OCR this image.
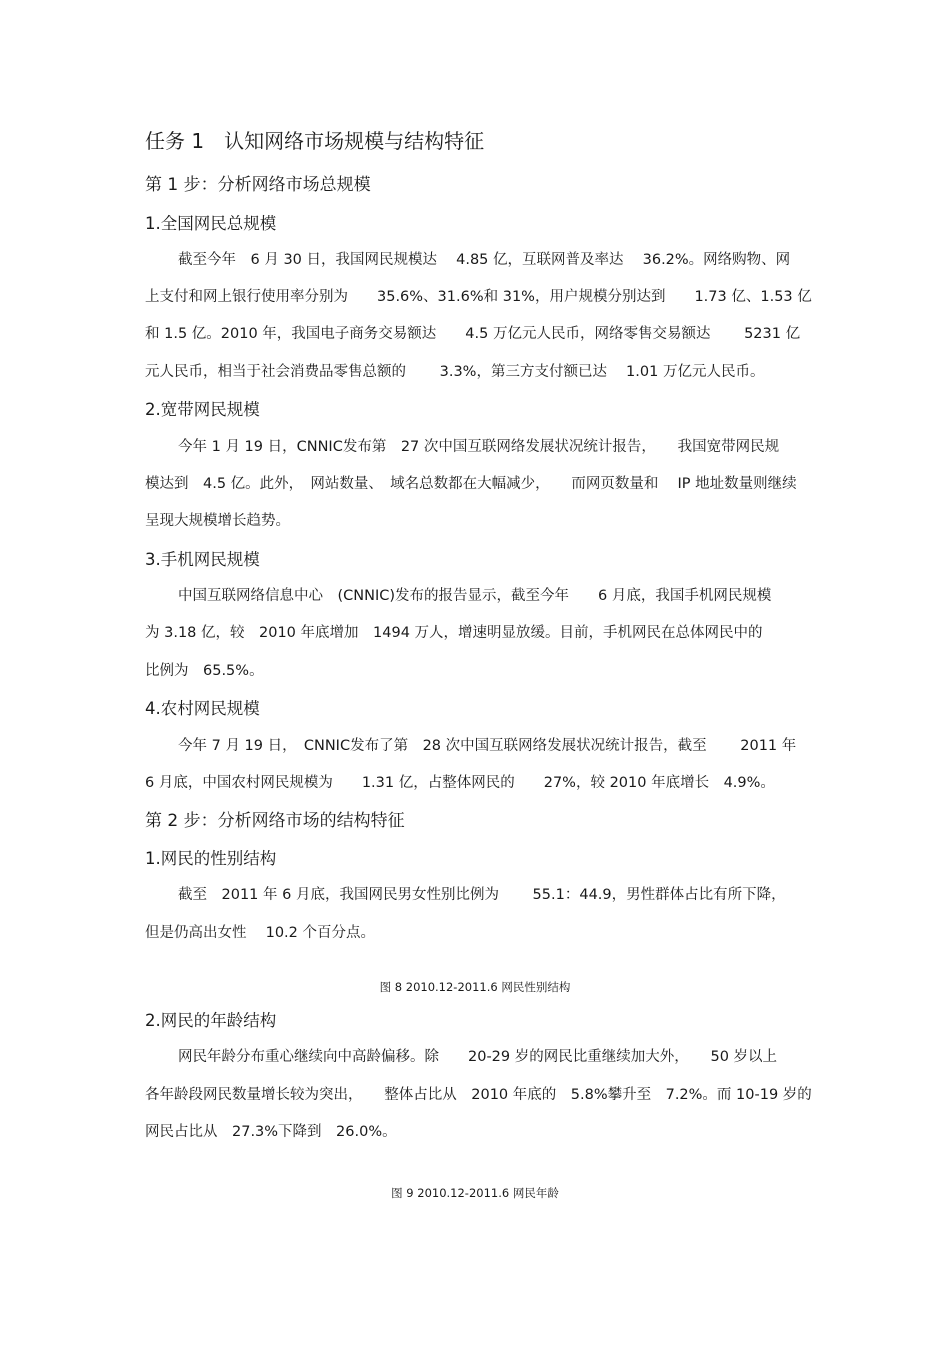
任务 1　认知网络市场规模与结构特征
第 1 步：分析网络市场总规模
1.全国网民总规模
截至今年　6 月 30 日，我国网民规模达　 4.85 亿，互联网普及率达　 36.2%。网络购物、网
上支付和网上银行使用率分别为　　35.6%、31.6%和 31%，用户规模分别达到　　1.73 亿、1.53 亿
和 1.5 亿。2010 年，我国电子商务交易额达　　4.5 万亿元人民币，网络零售交易额达　　 5231 亿
元人民币，相当于社会消费品零售总额的　　 3.3%，第三方支付额已达　 1.01 万亿元人民币。
2.宽带网民规模
今年 1 月 19 日，CNNIC发布第　27 次中国互联网络发展状况统计报告，　　我国宽带网民规
模达到　4.5 亿。此外，　网站数量、　域名总数都在大幅减少，　　而网页数量和　 IP 地址数量则继续
呈现大规模增长趋势。
3.手机网民规模
中国互联网络信息中心　(CNNIC)发布的报告显示，截至今年　　6 月底，我国手机网民规模
为 3.18 亿，较　2010 年底增加　1494 万人，增速明显放缓。目前，手机网民在总体网民中的
比例为　65.5%。
4.农村网民规模
今年 7 月 19 日，　CNNIC发布了第　28 次中国互联网络发展状况统计报告，截至　　 2011 年
6 月底，中国农村网民规模为　　1.31 亿，占整体网民的　　27%，较 2010 年底增长　4.9%。
第 2 步：分析网络市场的结构特征
1.网民的性别结构
截至　2011 年 6 月底，我国网民男女性别比例为　　 55.1：44.9，男性群体占比有所下降，
但是仍高出女性　 10.2 个百分点。
图 8 2010.12-2011.6 网民性别结构
2.网民的年龄结构
网民年龄分布重心继续向中高龄偏移。除　　20-29 岁的网民比重继续加大外，　　50 岁以上
各年龄段网民数量增长较为突出，　　整体占比从　2010 年底的　5.8%攀升至　7.2%。而 10-19 岁的
网民占比从　27.3%下降到　26.0%。
图 9 2010.12-2011.6 网民年龄
